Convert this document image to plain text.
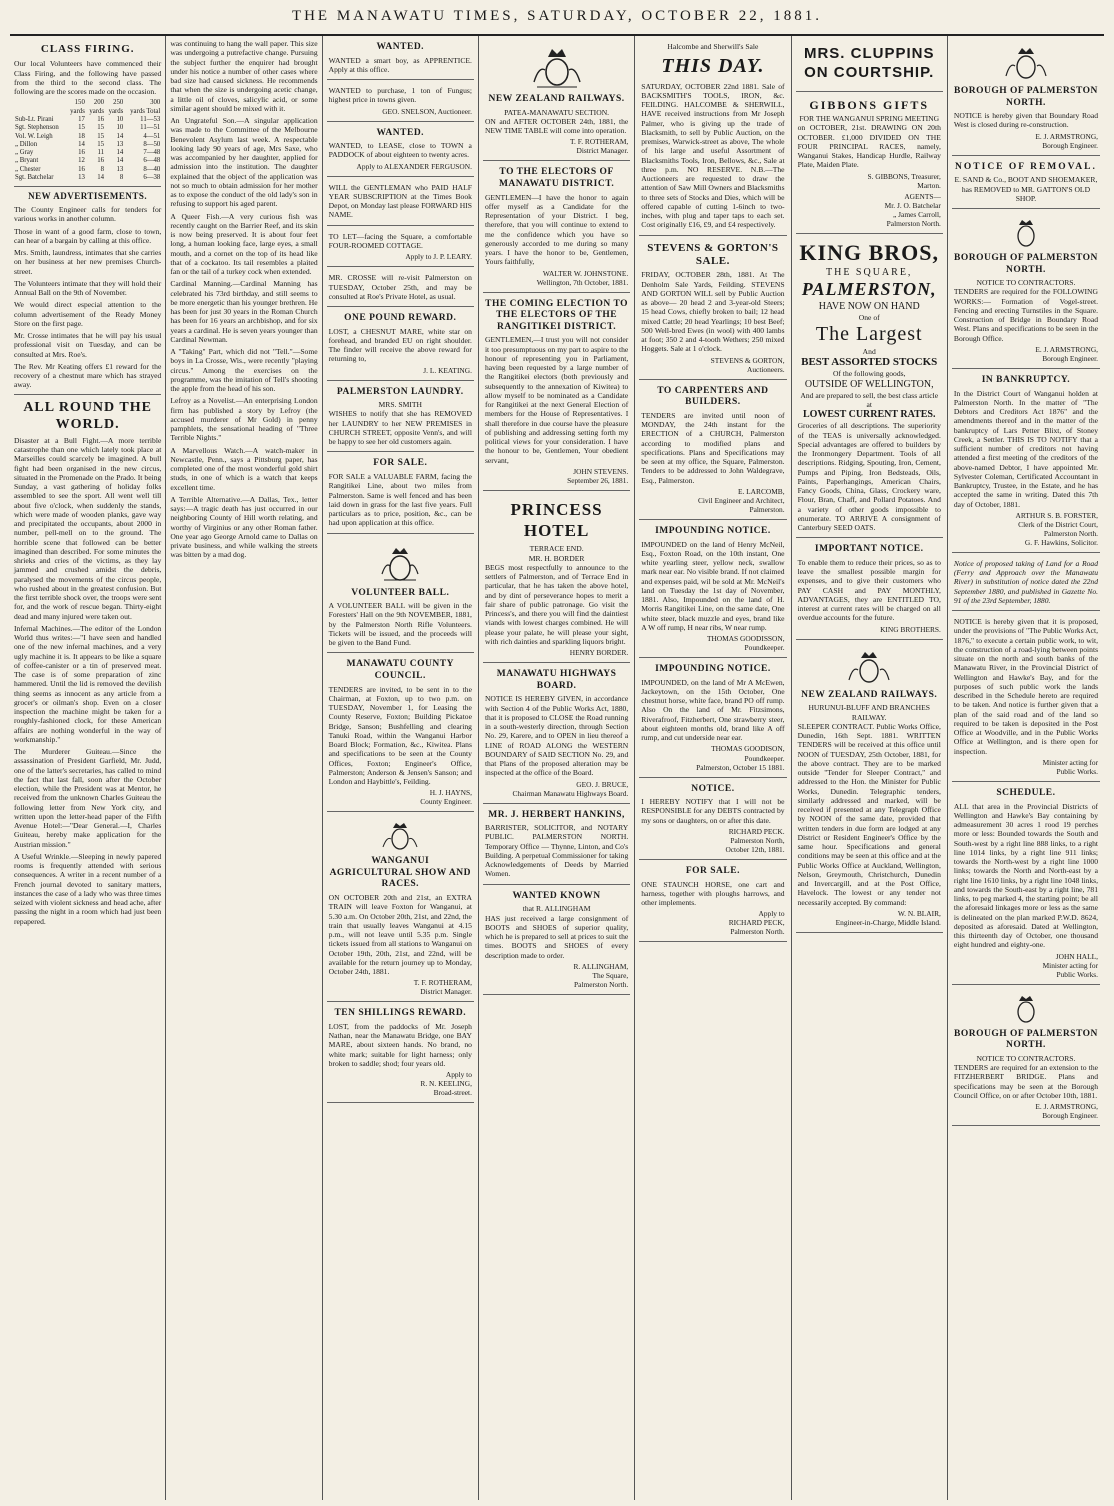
THE MANAWATU TIMES, SATURDAY, OCTOBER 22, 1881.
CLASS FIRING.

Our local Volunteers have commenced their Class Firing, and the following have passed from the third to the second class. The following are the scores made on the occasion.

	150	200	250	300
	yards	yards	yards	yards Total
Sub-Lt. Pirani	17	16	10	11—53
Sgt. Stephenson	15	15	10	11—51
Vol. W. Leigh	18	15	14	4—51
„ Dillon	14	15	13	8—50
„ Gray	16	11	14	7—48
„ Bryant	12	16	14	6—48
„ Chester	16	8	13	8—40
Sgt. Batchelar	13	14	8	6—38
NEW ADVERTISEMENTS.

The County Engineer calls for tenders for various works in another column.

Those in want of a good farm, close to town, can hear of a bargain by calling at this office.

Mrs. Smith, laundress, intimates that she carries on her business at her new premises Church-street.

The Volunteers intimate that they will hold their Annual Ball on the 9th of November.

We would direct especial attention to the column advertisement of the Ready Money Store on the first page.

Mr. Crosse intimates that he will pay his usual professional visit on Tuesday, and can be consulted at Mrs. Roe's.

The Rev. Mr Keating offers £1 reward for the recovery of a chestnut mare which has strayed away.

ALL ROUND THE WORLD.

Disaster at a Bull Fight.—A more terrible catastrophe than one which lately took place at Marseilles could scarcely be imagined. A bull fight had been organised in the new circus, situated in the Promenade on the Prado. It being Sunday, a vast gathering of holiday folks assembled to see the sport. All went well till about five o'clock, when suddenly the stands, which were made of wooden planks, gave way and precipitated the occupants, about 2000 in number, pell-mell on to the ground. The horrible scene that followed can be better imagined than described. For some minutes the shrieks and cries of the victims, as they lay jammed and crushed amidst the debris, paralysed the movements of the circus people, who rushed about in the greatest confusion. But the first terrible shock over, the troops were sent for, and the work of rescue began. Thirty-eight dead and many injured were taken out.

Infernal Machines.—The editor of the London World thus writes:—"I have seen and handled one of the new infernal machines, and a very ugly machine it is. It appears to be like a square of coffee-canister or a tin of preserved meat. The case is of some preparation of zinc hammered. Until the lid is removed the devilish thing seems as innocent as any article from a grocer's or oilman's shop. Even on a closer inspection the machine might be taken for a roughly-fashioned clock, for these American affairs are nothing wonderful in the way of workmanship."

The Murderer Guiteau.—Since the assassination of President Garfield, Mr. Judd, one of the latter's secretaries, has called to mind the fact that last fall, soon after the October election, while the President was at Mentor, he received from the unknown Charles Guiteau the following letter from New York city, and written upon the letter-head paper of the Fifth Avenue Hotel:—"Dear General.—I, Charles Guiteau, hereby make application for the Austrian mission."

A Useful Wrinkle.—Sleeping in newly papered rooms is frequently attended with serious consequences. A writer in a recent number of a French journal devoted to sanitary matters, instances the case of a lady who was three times seized with violent sickness and head ache, after passing the night in a room which had just been repapered.

was continuing to hang the wall paper. This size was undergoing a putrefactive change. Pursuing the subject further the enquirer had brought under his notice a number of other cases where bad size had caused sickness. He recommends that when the size is undergoing acetic change, a little oil of cloves, salicylic acid, or some similar agent should be mixed with it.

An Ungrateful Son.—A singular application was made to the Committee of the Melbourne Benevolent Asylum last week. A respectable looking lady 90 years of age, Mrs Saxe, who was accompanied by her daughter, applied for admission into the institution. The daughter explained that the object of the application was not so much to obtain admission for her mother as to expose the conduct of the old lady's son in refusing to support his aged parent.

A Queer Fish.—A very curious fish was recently caught on the Barrier Reef, and its skin is now being preserved. It is about four feet long, a human looking face, large eyes, a small mouth, and a cornet on the top of its head like that of a cockatoo. Its tail resembles a plaited fan or the tail of a turkey cock when extended.

Cardinal Manning.—Cardinal Manning has celebrated his 73rd birthday, and still seems to be more energetic than his younger brethren. He has been for just 30 years in the Roman Church has been for 16 years an archbishop, and for six years a cardinal. He is seven years younger than Cardinal Newman.

A "Taking" Part, which did not "Tell."—Some boys in La Crosse, Wis., were recently "playing circus." Among the exercises on the programme, was the imitation of Tell's shooting the apple from the head of his son.

Lefroy as a Novelist.—An enterprising London firm has published a story by Lefroy (the accused murderer of Mr Gold) in penny pamphlets, the sensational heading of "Three Terrible Nights."

A Marvellous Watch.—A watch-maker in Newcastle, Penn., says a Pittsburg paper, has completed one of the most wonderful gold shirt studs, in one of which is a watch that keeps excellent time.

A Terrible Alternative.—A Dallas, Tex., letter says:—A tragic death has just occurred in our neighboring County of Hill worth relating, and worthy of Virginius or any other Roman father. One year ago George Arnold came to Dallas on private business, and while walking the streets was bitten by a mad dog.

WANTED.
WANTED a smart boy, as APPRENTICE. Apply at this office.
WANTED to purchase, 1 ton of Fungus; highest price in towns given.
GEO. SNELSON, Auctioneer.
WANTED.
WANTED, to LEASE, close to TOWN a PADDOCK of about eighteen to twenty acres.
Apply to ALEXANDER FERGUSON.
WILL the GENTLEMAN who PAID HALF YEAR SUBSCRIPTION at the Times Book Depot, on Monday last please FORWARD HIS NAME.
TO LET—facing the Square, a comfortable FOUR-ROOMED COTTAGE.
Apply to J. P. LEARY.
MR. CROSSE will re-visit Palmerston on TUESDAY, October 25th, and may be consulted at Roe's Private Hotel, as usual.
ONE POUND REWARD.
LOST, a CHESNUT MARE, white star on forehead, and branded EU on right shoulder. The finder will receive the above reward for returning to,
J. L. KEATING.
PALMERSTON LAUNDRY.
MRS. SMITH
WISHES to notify that she has REMOVED her LAUNDRY to her NEW PREMISES in CHURCH STREET, opposite Venn's, and will be happy to see her old customers again.
FOR SALE.
FOR SALE a VALUABLE FARM, facing the Rangitikei Line, about two miles from Palmerston. Same is well fenced and has been laid down in grass for the last five years. Full particulars as to price, position, &c., can be had upon application at this office.
VOLUNTEER BALL.
A VOLUNTEER BALL will be given in the Foresters' Hall on the 9th NOVEMBER, 1881, by the Palmerston North Rifle Volunteers. Tickets will be issued, and the proceeds will be given to the Band Fund.
MANAWATU COUNTY COUNCIL.
TENDERS are invited, to be sent in to the Chairman, at Foxton, up to two p.m. on TUESDAY, November 1, for Leasing the County Reserve, Foxton; Building Pickatoe Bridge, Sanson; Bushfelling and clearing Tanuki Road, within the Wanganui Harbor Board Block; Formation, &c., Kiwitea. Plans and specifications to be seen at the County Offices, Foxton; Engineer's Office, Palmerston; Anderson & Jensen's Sanson; and London and Haybittle's, Feilding.
H. J. HAYNS,
County Engineer.
WANGANUI AGRICULTURAL SHOW AND RACES.
ON OCTOBER 20th and 21st, an EXTRA TRAIN will leave Foxton for Wanganui, at 5.30 a.m. On October 20th, 21st, and 22nd, the train that usually leaves Wanganui at 4.15 p.m., will not leave until 5.35 p.m. Single tickets issued from all stations to Wanganui on October 19th, 20th, 21st, and 22nd, will be available for the return journey up to Monday, October 24th, 1881.
T. F. ROTHERAM,
District Manager.
TEN SHILLINGS REWARD.
LOST, from the paddocks of Mr. Joseph Nathan, near the Manawatu Bridge, one BAY MARE, about sixteen hands. No brand, no white mark; suitable for light harness; only broken to saddle; shod; four years old.
Apply to
R. N. KEELING,
Broad-street.
NEW ZEALAND RAILWAYS.
PATEA-MANAWATU SECTION.
ON and AFTER OCTOBER 24th, 1881, the NEW TIME TABLE will come into operation.
T. F. ROTHERAM,
District Manager.
TO THE ELECTORS OF MANAWATU DISTRICT.
GENTLEMEN—I have the honor to again offer myself as a Candidate for the Representation of your District. I beg, therefore, that you will continue to extend to me the confidence which you have so generously accorded to me during so many years. I have the honor to be, Gentlemen, Yours faithfully,
WALTER W. JOHNSTONE.
Wellington, 7th October, 1881.
THE COMING ELECTION TO THE ELECTORS OF THE RANGITIKEI DISTRICT.
GENTLEMEN,—I trust you will not consider it too presumptuous on my part to aspire to the honour of representing you in Parliament, having been requested by a large number of the Rangitikei electors (both previously and subsequently to the annexation of Kiwitea) to allow myself to be nominated as a Candidate for Rangitikei at the next General Election of members for the House of Representatives. I shall therefore in due course have the pleasure of publishing and addressing setting forth my political views for your consideration. I have the honour to be, Gentlemen, Your obedient servant,
JOHN STEVENS.
September 26, 1881.
PRINCESS HOTEL
TERRACE END.
MR. H. BORDER
BEGS most respectfully to announce to the settlers of Palmerston, and of Terrace End in particular, that he has taken the above hotel, and by dint of perseverance hopes to merit a fair share of public patronage. Go visit the Princess's, and there you will find the daintiest viands with lowest charges combined. He will please your palate, he will please your sight, with rich dainties and sparkling liquors bright.
HENRY BORDER.
MANAWATU HIGHWAYS BOARD.
NOTICE IS HEREBY GIVEN, in accordance with Section 4 of the Public Works Act, 1880, that it is proposed to CLOSE the Road running in a south-westerly direction, through Section No. 29, Karere, and to OPEN in lieu thereof a LINE of ROAD ALONG the WESTERN BOUNDARY of SAID SECTION No. 29, and that Plans of the proposed alteration may be inspected at the office of the Board.
GEO. J. BRUCE,
Chairman Manawatu Highways Board.
MR. J. HERBERT HANKINS,
BARRISTER, SOLICITOR, and NOTARY PUBLIC. PALMERSTON NORTH. Temporary Office — Thynne, Linton, and Co's Building. A perpetual Commissioner for taking Acknowledgements of Deeds by Married Women.
WANTED KNOWN
that R. ALLINGHAM
HAS just received a large consignment of BOOTS and SHOES of superior quality, which he is prepared to sell at prices to suit the times. BOOTS and SHOES of every description made to order.
R. ALLINGHAM,
The Square,
Palmerston North.
Halcombe and Sherwill's Sale
THIS DAY.
SATURDAY, OCTOBER 22nd 1881. Sale of BACKSMITH'S TOOLS, IRON, &c. FEILDING. HALCOMBE & SHERWILL, HAVE received instructions from Mr Joseph Palmer, who is giving up the trade of Blacksmith, to sell by Public Auction, on the premises, Warwick-street as above, The whole of his large and useful Assortment of Blacksmiths Tools, Iron, Bellows, &c., Sale at three p.m. NO RESERVE. N.B.—The Auctioneers are requested to draw the attention of Saw Mill Owners and Blacksmiths to three sets of Stocks and Dies, which will be offered capable of cutting 1-6inch to two-inches, with plug and taper taps to each set. Cost originally £16, £9, and £4 respectively.
STEVENS & GORTON'S SALE.
FRIDAY, OCTOBER 28th, 1881. At The Denholm Sale Yards, Feilding. STEVENS AND GORTON WILL sell by Public Auction as above— 20 head 2 and 3-year-old Steers; 15 head Cows, chiefly broken to bail; 12 head mixed Cattle; 20 head Yearlings; 10 best Beef; 500 Well-bred Ewes (in wool) with 400 lambs at foot; 350 2 and 4-tooth Wethers; 250 mixed Hoggets. Sale at 1 o'clock.
STEVENS & GORTON,
Auctioneers.
TO CARPENTERS AND BUILDERS.
TENDERS are invited until noon of MONDAY, the 24th instant for the ERECTION of a CHURCH, Palmerston according to modified plans and specifications. Plans and Specifications may be seen at my office, the Square, Palmerston. Tenders to be addressed to John Waldegrave, Esq., Palmerston.
E. LARCOMB,
Civil Engineer and Architect,
Palmerston.
IMPOUNDING NOTICE.
IMPOUNDED on the land of Henry McNeil, Esq., Foxton Road, on the 10th instant, One white yearling steer, yellow neck, swallow mark near ear. No visible brand. If not claimed and expenses paid, wil be sold at Mr. McNeil's land on Tuesday the 1st day of November, 1881. Also, Impounded on the land of H. Morris Rangitikei Line, on the same date, One white steer, black muzzle and eyes, brand like A W off rump, H near ribs, W near rump.
THOMAS GOODISSON,
Poundkeeper.
IMPOUNDING NOTICE.
IMPOUNDED, on the land of Mr A McEwen, Jackeytown, on the 15th October, One chestnut horse, white face, brand PO off rump. Also On the land of Mr. Fitzsimons, Riverafroof, Fitzherbert, One strawberry steer, about eighteen months old, brand like A off rump, and cut underside near ear.
THOMAS GOODISON,
Poundkeeper.
Palmerston, October 15 1881.
NOTICE.
I HEREBY NOTIFY that I will not be RESPONSIBLE for any DEBTS contracted by my sons or daughters, on or after this date.
RICHARD PECK.
Palmerston North,
October 12th, 1881.
FOR SALE.
ONE STAUNCH HORSE, one cart and harness, together with ploughs harrows, and other implements.
Apply to
RICHARD PECK,
Palmerston North.
MRS. CLUPPINS ON COURTSHIP.
GIBBONS GIFTS
FOR THE WANGANUI SPRING MEETING
on OCTOBER, 21st. DRAWING ON 20th OCTOBER. £1,000 DIVIDED ON THE FOUR PRINCIPAL RACES, namely, Wanganui Stakes, Handicap Hurdle, Railway Plate, Maiden Plate.
S. GIBBONS, Treasurer,
Marton.
AGENTS—
Mr. J. O. Batchelar
„ James Carroll,
Palmerston North.
KING BROS,
THE SQUARE,
PALMERSTON,
HAVE NOW ON HAND
One of
The Largest
And
BEST ASSORTED STOCKS
Of the following goods,
OUTSIDE OF WELLINGTON,
And are prepared to sell, the best class article at
LOWEST CURRENT RATES.
Groceries of all descriptions. The superiority of the TEAS is universally acknowledged. Special advantages are offered to builders by the Ironmongery Department. Tools of all descriptions. Ridging, Spouting, Iron, Cement, Pumps and Piping, Iron Bedsteads, Oils, Paints, Paperhangings, American Chairs, Fancy Goods, China, Glass, Crockery ware, Flour, Bran, Chaff, and Pollard Potatoes. And a variety of other goods impossible to enumerate. TO ARRIVE A consignment of Canterbury SEED OATS.
IMPORTANT NOTICE.
To enable them to reduce their prices, so as to leave the smallest possible margin for expenses, and to give their customers who PAY CASH and PAY MONTHLY, ADVANTAGES, they are ENTITLED TO, interest at current rates will be charged on all overdue accounts for the future.
KING BROTHERS.
NEW ZEALAND RAILWAYS.
HURUNUI-BLUFF AND BRANCHES RAILWAY.
SLEEPER CONTRACT. Public Works Office, Dunedin, 16th Sept. 1881. WRITTEN TENDERS will be received at this office until NOON of TUESDAY, 25th October, 1881, for the above contract. They are to be marked outside "Tender for Sleeper Contract," and addressed to the Hon. the Minister for Public Works, Dunedin. Telegraphic tenders, similarly addressed and marked, will be received if presented at any Telegraph Office by NOON of the same date, provided that written tenders in due form are lodged at any District or Resident Engineer's Office by the same hour. Specifications and general conditions may be seen at this office and at the Public Works Office at Auckland, Wellington, Nelson, Greymouth, Christchurch, Dunedin and Invercargill, and at the Post Office, Havelock. The lowest or any tender not necessarily accepted. By command:
W. N. BLAIR,
Engineer-in-Charge, Middle Island.
BOROUGH OF PALMERSTON NORTH.
NOTICE is hereby given that Boundary Road West is closed during re-construction.
E. J. ARMSTRONG,
Borough Engineer.
NOTICE OF REMOVAL.
E. SAND & Co., BOOT AND SHOEMAKER, has REMOVED to MR. GATTON'S OLD SHOP.
BOROUGH OF PALMERSTON NORTH.
NOTICE TO CONTRACTORS.
TENDERS are required for the FOLLOWING WORKS:— Formation of Vogel-street. Fencing and erecting Turnstiles in the Square. Construction of Bridge in Boundary Road West. Plans and specifications to be seen in the Borough Office.
E. J. ARMSTRONG,
Borough Engineer.
IN BANKRUPTCY.
In the District Court of Wanganui holden at Palmerston North. In the matter of "The Debtors and Creditors Act 1876" and the amendments thereof and in the matter of the bankruptcy of Lars Petter Blixt, of Stoney Creek, a Settler. THIS IS TO NOTIFY that a sufficient number of creditors not having attended a first meeting of the creditors of the above-named Debtor, I have appointed Mr. Sylvester Coleman, Certificated Accountant in Bankruptcy, Trustee, in the Estate, and he has accepted the same in writing. Dated this 7th day of October, 1881.
ARTHUR S. B. FORSTER,
Clerk of the District Court,
Palmerston North.
G. F. Hawkins, Solicitor.
Notice of proposed taking of Land for a Road (Ferry and Approach over the Manawatu River) in substitution of notice dated the 22nd September 1880, and published in Gazette No. 91 of the 23rd September, 1880.
NOTICE is hereby given that it is proposed, under the provisions of "The Public Works Act, 1876," to execute a certain public work, to wit, the construction of a road-lying between points situate on the north and south banks of the Manawatu River, in the Provincial District of Wellington and Hawke's Bay, and for the purposes of such public work the lands described in the Schedule hereto are required to be taken. And notice is further given that a plan of the said road and of the land so required to be taken is deposited in the Post Office at Woodville, and in the Public Works Office at Wellington, and is there open for inspection.
Minister acting for
Public Works.
SCHEDULE.
ALL that area in the Provincial Districts of Wellington and Hawke's Bay containing by admeasurement 30 acres 1 rood 19 perches more or less: Bounded towards the South and South-west by a right line 888 links, to a right line 1014 links, by a right line 911 links; towards the North-west by a right line 1000 links; towards the North and North-east by a right line 1610 links, by a right line 1048 links, and towards the South-east by a right line, 781 links, to peg marked 4, the starting point; be all the aforesaid linkages more or less as the same is delineated on the plan marked P.W.D. 8624, deposited as aforesaid. Dated at Wellington, this thirteenth day of October, one thousand eight hundred and eighty-one.
JOHN HALL,
Minister acting for
Public Works.
BOROUGH OF PALMERSTON NORTH.
NOTICE TO CONTRACTORS.
TENDERS are required for an extension to the FITZHERBERT BRIDGE. Plans and specifications may be seen at the Borough Council Office, on or after October 10th, 1881.
E. J. ARMSTRONG,
Borough Engineer.
